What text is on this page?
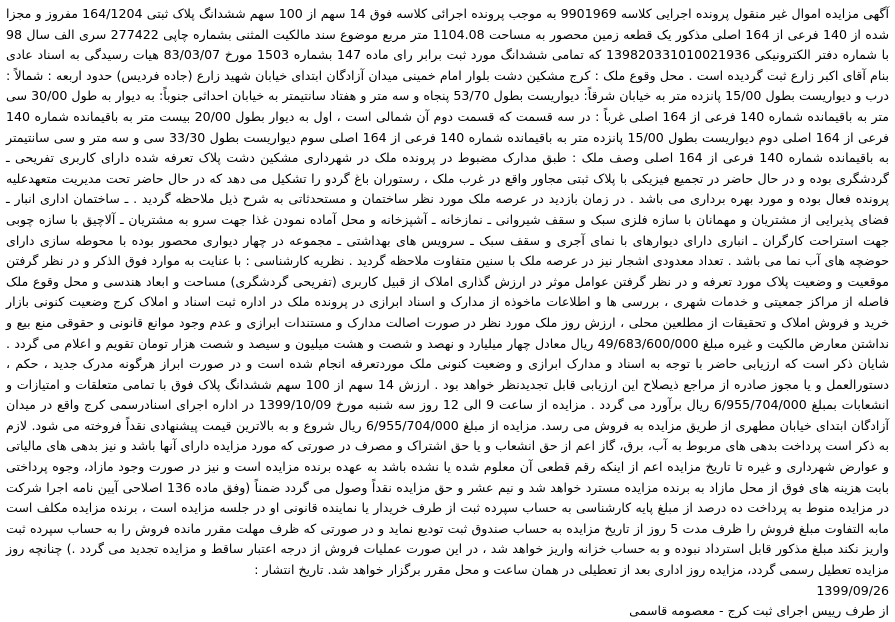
آگهی مزایده اموال غیر منقول پرونده اجرایی کلاسه 9901969 به موجب پرونده اجرائی کلاسه فوق 14 سهم از 100 سهم ششدانگ پلاک ثبتی 164/1204 مفروز و مجزا شده از 140 فرعی از 164 اصلی مذکور یک قطعه زمین محصور به مساحت 1104.08 متر مربع موضوع سند مالکیت المثنی بشماره چاپی 277422 سری الف سال 98 با شماره دفتر الکترونیکی 139820331010021936 که تمامی ششدانگ مورد ثبت برابر رای ماده 147 بشماره 1503 مورخ 83/03/07 هیات رسیدگی به اسناد عادی بنام آقای اکبر زارع ثبت گردیده است . محل وقوع ملک : کرج مشکین دشت بلوار امام خمینی میدان آزادگان ابتدای خیابان شهید زارع (جاده فردیس) حدود اربعه : شمالاً : درب و دیواریست بطول 15/00 پانزده متر به خیابان شرقاً: دیواریست بطول 53/70 پنجاه و سه متر و هفتاد سانتیمتر به خیابان احداثی جنوباً: به دیوار به طول 30/00 سی متر به باقیمانده شماره 140 فرعی از 164 اصلی غرباً : در سه قسمت که قسمت دوم آن شمالی است ، اول به دیوار بطول 20/00 بیست متر به باقیمانده شماره 140 فرعی از 164 اصلی دوم دیواریست بطول 15/00 پانزده متر به باقیمانده شماره 140 فرعی از 164 اصلی سوم دیواریست بطول 33/30 سی و سه متر و سی سانتیمتر به باقیمانده شماره 140 فرعی از 164 اصلی وصف ملک : طبق مدارک مضبوط در پرونده ملک در شهرداری مشکین دشت پلاک تعرفه شده دارای کاربری تفریحی ـ گردشگری بوده و در حال حاضر در تجمیع فیزیکی با پلاک ثبتی مجاور واقع در غرب ملک ، رستوران باغ گردو را تشکیل می دهد که در حال حاضر تحت مدیریت متعهدعلیه پرونده فعال بوده و مورد بهره برداری می باشد . در زمان بازدید در عرصه ملک مورد نظر ساختمان و مستحدثاتی به شرح ذیل ملاحظه گردید . ـ ساختمان اداری انبار ـ فضای پذیرایی از مشتریان و مهمانان با سازه فلزی سبک و سقف شیروانی ـ نمازخانه ـ آشپزخانه و محل آماده نمودن غذا جهت سرو به مشتریان ـ آلاچیق با سازه چوبی جهت استراحت کارگران ـ انباری دارای دیوارهای با نمای آجری و سقف سبک ـ سرویس های بهداشتی ـ مجموعه در چهار دیواری محصور بوده با محوطه سازی دارای حوضچه های آب نما می باشد . تعداد معدودی اشجار نیز در عرصه ملک با سنین متفاوت ملاحظه گردید . نظریه کارشناسی : با عنایت به موارد فوق الذکر و در نظر گرفتن موقعیت و وضعیت پلاک مورد تعرفه و در نظر گرفتن عوامل موثر در ارزش گذاری املاک از قبیل کاربری (تفریحی گردشگری) مساحت و ابعاد هندسی و محل وقوع ملک فاصله از مراکز جمعیتی و خدمات شهری ، بررسی ها و اطلاعات ماخوذه از مدارک و اسناد ابرازی در پرونده ملک در اداره ثبت اسناد و املاک کرج وضعیت کنونی بازار خرید و فروش املاک و تحقیقات از مطلعین محلی ، ارزش روز ملک مورد نظر در صورت اصالت مدارک و مستندات ابرازی و عدم وجود موانع قانونی و حقوقی منع بیع و نداشتن معارض مالکیت و غیره مبلغ 49/683/600/000 ریال معادل چهار میلیارد و نهصد و شصت و هشت میلیون و سیصد و شصت هزار تومان تقویم و اعلام می گردد . شایان ذکر است که ارزیابی حاضر با توجه به اسناد و مدارک ابرازی و وضعیت کنونی ملک موردتعرفه انجام شده است و در صورت ابراز هرگونه مدرک جدید ، حکم ، دستورالعمل و یا مجوز صادره از مراجع ذیصلاح این ارزیابی قابل تجدیدنظر خواهد بود . ارزش 14 سهم از 100 سهم ششدانگ پلاک فوق با تمامی متعلقات و امتیازات و انشعابات بمبلغ 6/955/704/000 ریال برآورد می گردد . مزایده از ساعت 9 الی 12 روز سه شنبه مورخ 1399/10/09 در اداره اجرای اسنادرسمی کرج واقع در میدان آزادگان ابتدای خیابان مطهری از طریق مزایده به فروش می رسد. مزایده از مبلغ 6/955/704/000 ریال شروع و به بالاترین قیمت پیشنهادی نقداً فروخته می شود. لازم به ذکر است پرداخت بدهی های مربوط به آب، برق، گاز اعم از حق انشعاب و یا حق اشتراک و مصرف در صورتی که مورد مزایده دارای آنها باشد و نیز بدهی های مالیاتی و عوارض شهرداری و غیره تا تاریخ مزایده اعم از اینکه رقم قطعی آن معلوم شده یا نشده باشد به عهده برنده مزایده است و نیز در صورت وجود مازاد، وجوه پرداختی بابت هزینه های فوق از محل مازاد به برنده مزایده مسترد خواهد شد و نیم عشر و حق مزایده نقداً وصول می گردد ضمناً (وفق ماده 136 اصلاحی آیین نامه اجرا شرکت در مزایده منوط به پرداخت ده درصد از مبلغ پایه کارشناسی به حساب سپرده ثبت از طرف خریدار یا نماینده قانونی او در جلسه مزایده است ، برنده مزایده مکلف است مابه التفاوت مبلغ فروش را ظرف مدت 5 روز از تاریخ مزایده به حساب صندوق ثبت تودیع نماید و در صورتی که ظرف مهلت مقرر مانده فروش را به حساب سپرده ثبت واریز نکند مبلغ مذکور قابل استرداد نبوده و به حساب خزانه واریز خواهد شد ، در این صورت عملیات فروش از درجه اعتبار ساقط و مزایده تجدید می گردد .) چنانچه روز مزایده تعطیل رسمی گردد، مزایده روز اداری بعد از تعطیلی در همان ساعت و محل مقرر برگزار خواهد شد. تاریخ انتشار :

1399/09/26

از طرف رییس اجرای ثبت کرج - معصومه قاسمی
